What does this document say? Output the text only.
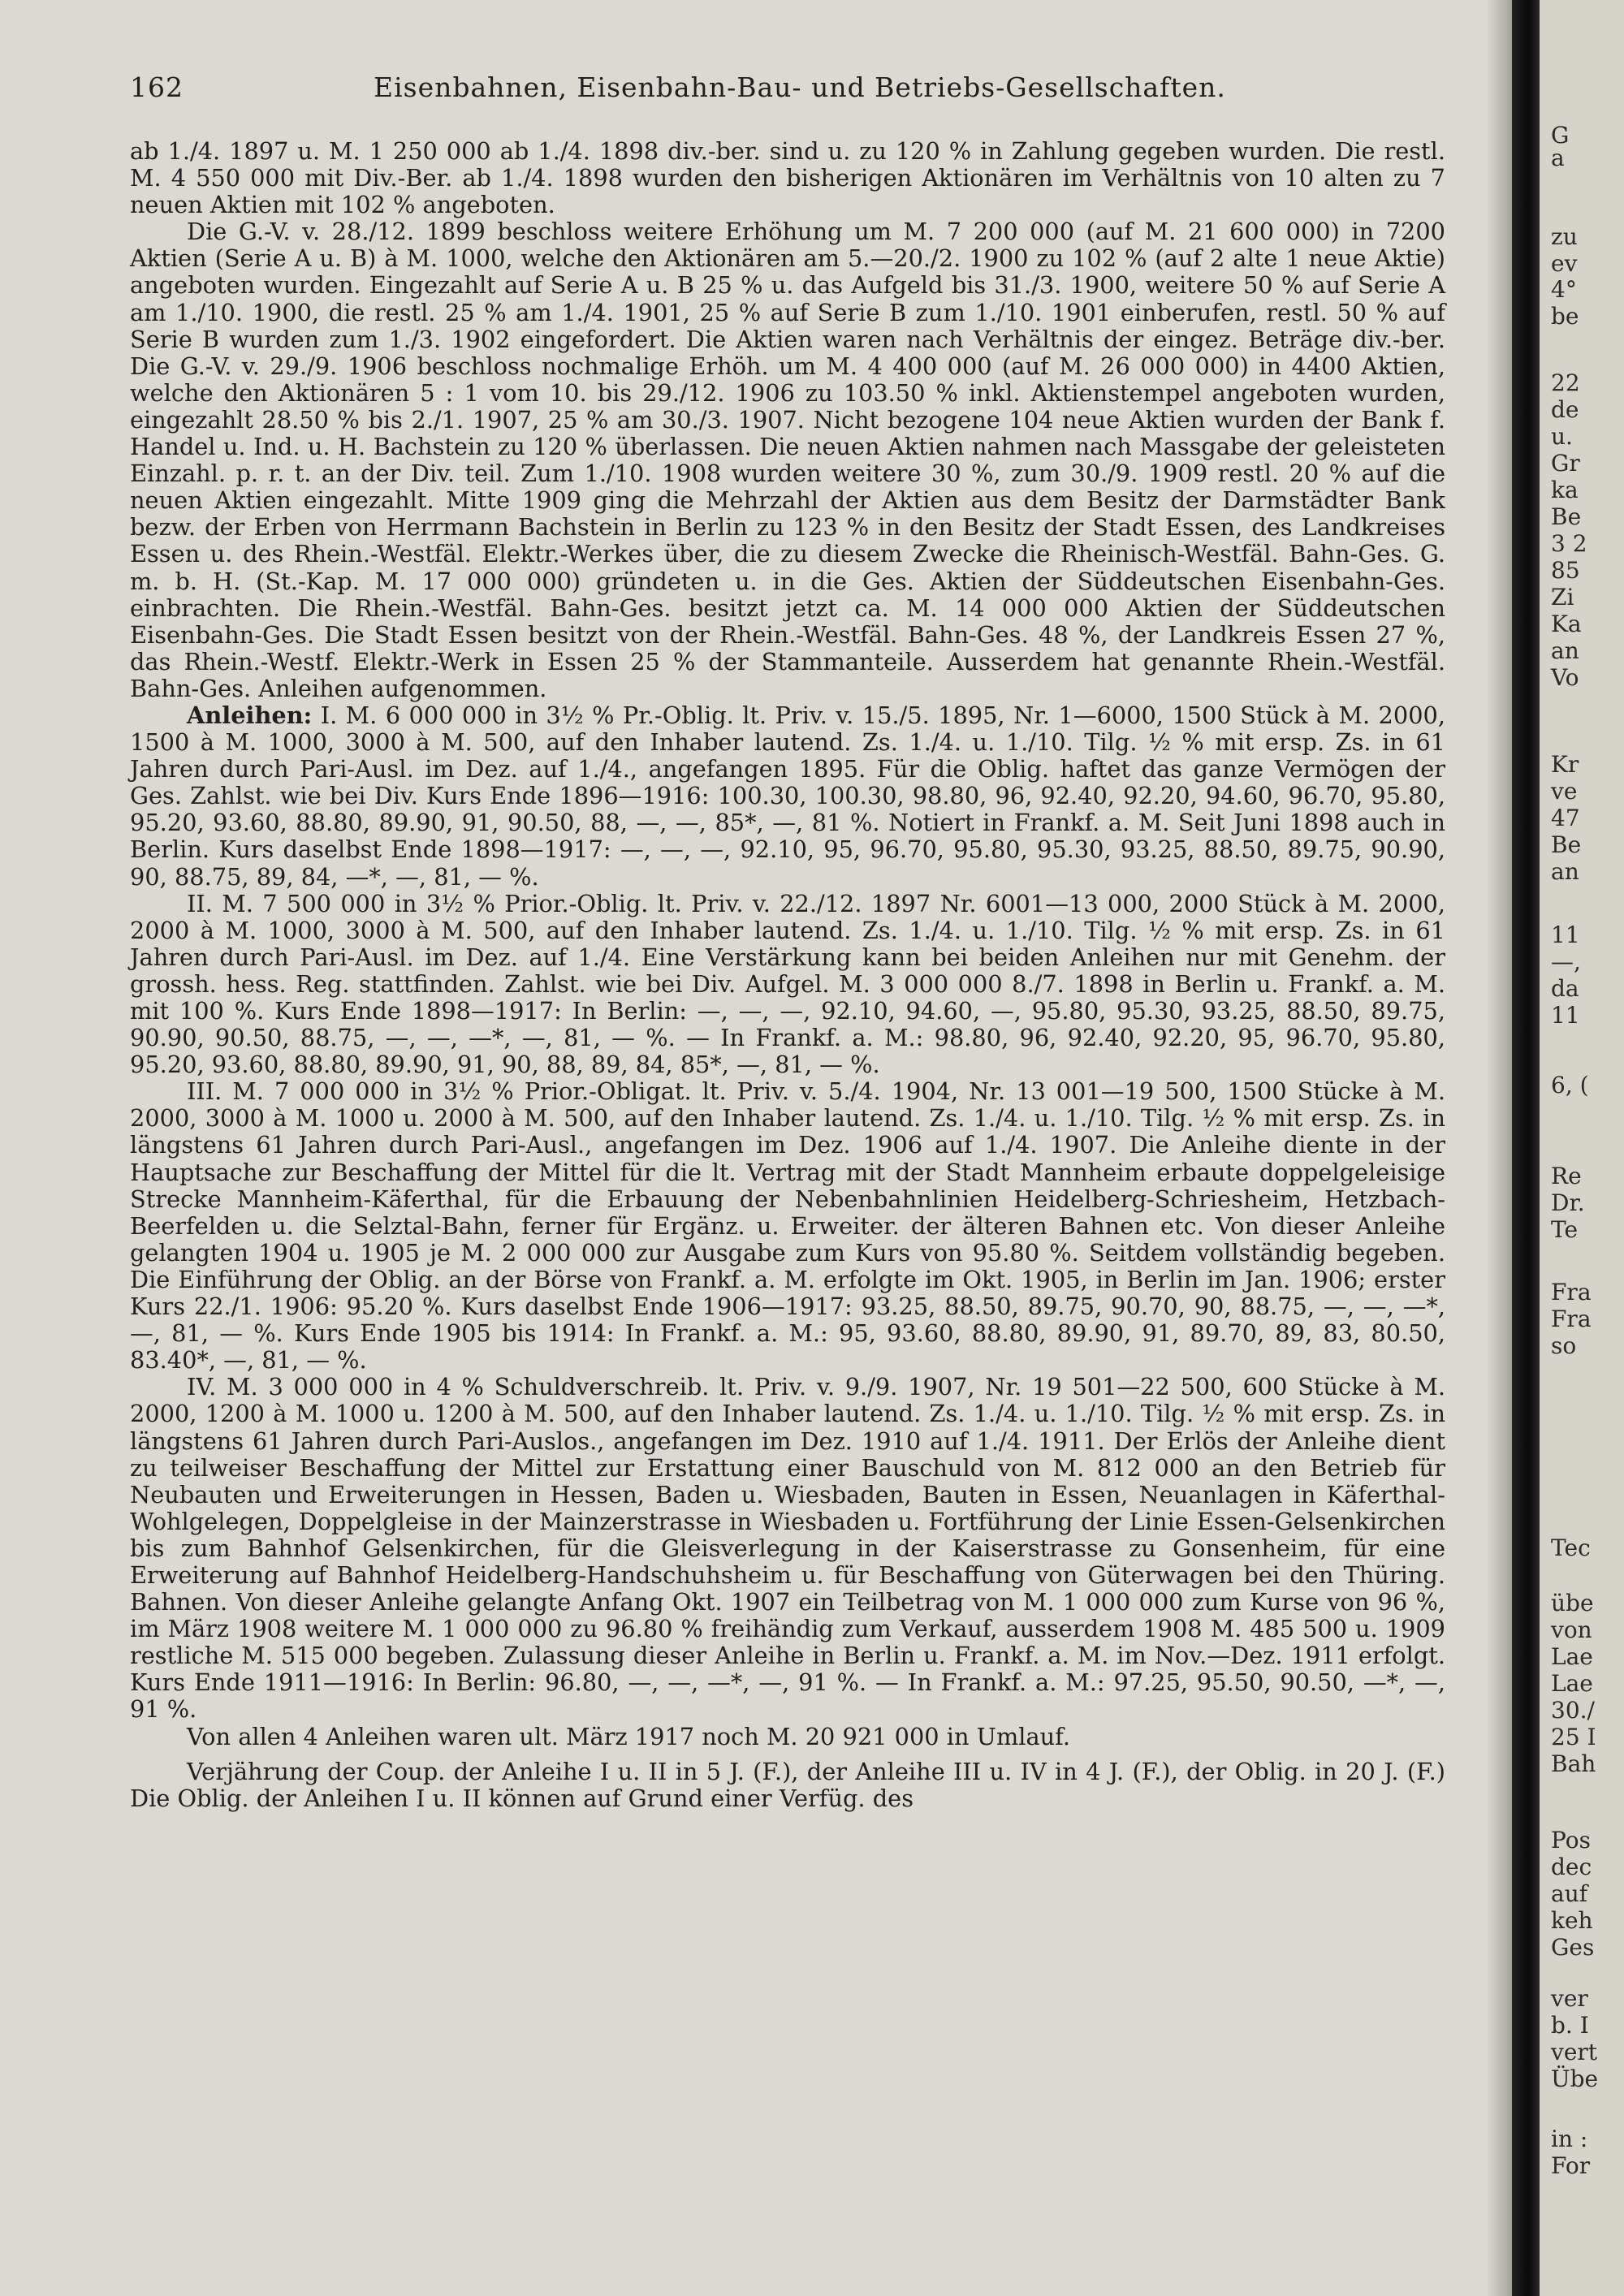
162	Eisenbahnen, Eisenbahn-Bau- und Betriebs-Gesellschaften.

ab 1./4. 1897 u. M. 1 250 000 ab 1./4. 1898 div.-ber. sind u. zu 120 % in Zahlung gegeben wurden. Die restl. M. 4 550 000 mit Div.-Ber. ab 1./4. 1898 wurden den bisherigen Aktionären im Verhältnis von 10 alten zu 7 neuen Aktien mit 102 % angeboten.

Die G.-V. v. 28./12. 1899 beschloss weitere Erhöhung um M. 7 200 000 (auf M. 21 600 000) in 7200 Aktien (Serie A u. B) à M. 1000, welche den Aktionären am 5.—20./2. 1900 zu 102 % (auf 2 alte 1 neue Aktie) angeboten wurden. Eingezahlt auf Serie A u. B 25 % u. das Aufgeld bis 31./3. 1900, weitere 50 % auf Serie A am 1./10. 1900, die restl. 25 % am 1./4. 1901, 25 % auf Serie B zum 1./10. 1901 einberufen, restl. 50 % auf Serie B wurden zum 1./3. 1902 eingefordert. Die Aktien waren nach Verhältnis der eingez. Beträge div.-ber. Die G.-V. v. 29./9. 1906 beschloss nochmalige Erhöh. um M. 4 400 000 (auf M. 26 000 000) in 4400 Aktien, welche den Aktionären 5 : 1 vom 10. bis 29./12. 1906 zu 103.50 % inkl. Aktienstempel angeboten wurden, eingezahlt 28.50 % bis 2./1. 1907, 25 % am 30./3. 1907. Nicht bezogene 104 neue Aktien wurden der Bank f. Handel u. Ind. u. H. Bachstein zu 120 % überlassen. Die neuen Aktien nahmen nach Massgabe der geleisteten Einzahl. p. r. t. an der Div. teil. Zum 1./10. 1908 wurden weitere 30 %, zum 30./9. 1909 restl. 20 % auf die neuen Aktien eingezahlt. Mitte 1909 ging die Mehrzahl der Aktien aus dem Besitz der Darmstädter Bank bezw. der Erben von Herrmann Bachstein in Berlin zu 123 % in den Besitz der Stadt Essen, des Landkreises Essen u. des Rhein.-Westfäl. Elektr.-Werkes über, die zu diesem Zwecke die Rheinisch-Westfäl. Bahn-Ges. G. m. b. H. (St.-Kap. M. 17 000 000) gründeten u. in die Ges. Aktien der Süddeutschen Eisenbahn-Ges. einbrachten. Die Rhein.-Westfäl. Bahn-Ges. besitzt jetzt ca. M. 14 000 000 Aktien der Süddeutschen Eisenbahn-Ges. Die Stadt Essen besitzt von der Rhein.-Westfäl. Bahn-Ges. 48 %, der Landkreis Essen 27 %, das Rhein.-Westf. Elektr.-Werk in Essen 25 % der Stammanteile. Ausserdem hat genannte Rhein.-Westfäl. Bahn-Ges. Anleihen aufgenommen.

Anleihen: I. M. 6 000 000 in 3½ % Pr.-Oblig. lt. Priv. v. 15./5. 1895, Nr. 1—6000, 1500 Stück à M. 2000, 1500 à M. 1000, 3000 à M. 500, auf den Inhaber lautend. Zs. 1./4. u. 1./10. Tilg. ½ % mit ersp. Zs. in 61 Jahren durch Pari-Ausl. im Dez. auf 1./4., angefangen 1895. Für die Oblig. haftet das ganze Vermögen der Ges. Zahlst. wie bei Div. Kurs Ende 1896—1916: 100.30, 100.30, 98.80, 96, 92.40, 92.20, 94.60, 96.70, 95.80, 95.20, 93.60, 88.80, 89.90, 91, 90.50, 88, —, —, 85*, —, 81 %. Notiert in Frankf. a. M. Seit Juni 1898 auch in Berlin. Kurs daselbst Ende 1898—1917: —, —, —, 92.10, 95, 96.70, 95.80, 95.30, 93.25, 88.50, 89.75, 90.90, 90, 88.75, 89, 84, —*, —, 81, — %.

II. M. 7 500 000 in 3½ % Prior.-Oblig. lt. Priv. v. 22./12. 1897 Nr. 6001—13 000, 2000 Stück à M. 2000, 2000 à M. 1000, 3000 à M. 500, auf den Inhaber lautend. Zs. 1./4. u. 1./10. Tilg. ½ % mit ersp. Zs. in 61 Jahren durch Pari-Ausl. im Dez. auf 1./4. Eine Verstärkung kann bei beiden Anleihen nur mit Genehm. der grossh. hess. Reg. stattfinden. Zahlst. wie bei Div. Aufgel. M. 3 000 000 8./7. 1898 in Berlin u. Frankf. a. M. mit 100 %. Kurs Ende 1898—1917: In Berlin: —, —, —, 92.10, 94.60, —, 95.80, 95.30, 93.25, 88.50, 89.75, 90.90, 90.50, 88.75, —, —, —*, —, 81, — %. — In Frankf. a. M.: 98.80, 96, 92.40, 92.20, 95, 96.70, 95.80, 95.20, 93.60, 88.80, 89.90, 91, 90, 88, 89, 84, 85*, —, 81, — %.

III. M. 7 000 000 in 3½ % Prior.-Obligat. lt. Priv. v. 5./4. 1904, Nr. 13 001—19 500, 1500 Stücke à M. 2000, 3000 à M. 1000 u. 2000 à M. 500, auf den Inhaber lautend. Zs. 1./4. u. 1./10. Tilg. ½ % mit ersp. Zs. in längstens 61 Jahren durch Pari-Ausl., angefangen im Dez. 1906 auf 1./4. 1907. Die Anleihe diente in der Hauptsache zur Beschaffung der Mittel für die lt. Vertrag mit der Stadt Mannheim erbaute doppelgeleisige Strecke Mannheim-Käferthal, für die Erbauung der Nebenbahnlinien Heidelberg-Schriesheim, Hetzbach-Beerfelden u. die Selztal-Bahn, ferner für Ergänz. u. Erweiter. der älteren Bahnen etc. Von dieser Anleihe gelangten 1904 u. 1905 je M. 2 000 000 zur Ausgabe zum Kurs von 95.80 %. Seitdem vollständig begeben. Die Einführung der Oblig. an der Börse von Frankf. a. M. erfolgte im Okt. 1905, in Berlin im Jan. 1906; erster Kurs 22./1. 1906: 95.20 %. Kurs daselbst Ende 1906—1917: 93.25, 88.50, 89.75, 90.70, 90, 88.75, —, —, —*, —, 81, — %. Kurs Ende 1905 bis 1914: In Frankf. a. M.: 95, 93.60, 88.80, 89.90, 91, 89.70, 89, 83, 80.50, 83.40*, —, 81, — %.

IV. M. 3 000 000 in 4 % Schuldverschreib. lt. Priv. v. 9./9. 1907, Nr. 19 501—22 500, 600 Stücke à M. 2000, 1200 à M. 1000 u. 1200 à M. 500, auf den Inhaber lautend. Zs. 1./4. u. 1./10. Tilg. ½ % mit ersp. Zs. in längstens 61 Jahren durch Pari-Auslos., angefangen im Dez. 1910 auf 1./4. 1911. Der Erlös der Anleihe dient zu teilweiser Beschaffung der Mittel zur Erstattung einer Bauschuld von M. 812 000 an den Betrieb für Neubauten und Erweiterungen in Hessen, Baden u. Wiesbaden, Bauten in Essen, Neuanlagen in Käferthal-Wohlgelegen, Doppelgleise in der Mainzerstrasse in Wiesbaden u. Fortführung der Linie Essen-Gelsenkirchen bis zum Bahnhof Gelsenkirchen, für die Gleisverlegung in der Kaiserstrasse zu Gonsenheim, für eine Erweiterung auf Bahnhof Heidelberg-Handschuhsheim u. für Beschaffung von Güterwagen bei den Thüring. Bahnen. Von dieser Anleihe gelangte Anfang Okt. 1907 ein Teilbetrag von M. 1 000 000 zum Kurse von 96 %, im März 1908 weitere M. 1 000 000 zu 96.80 % freihändig zum Verkauf, ausserdem 1908 M. 485 500 u. 1909 restliche M. 515 000 begeben. Zulassung dieser Anleihe in Berlin u. Frankf. a. M. im Nov.—Dez. 1911 erfolgt. Kurs Ende 1911—1916: In Berlin: 96.80, —, —, —*, —, 91 %. — In Frankf. a. M.: 97.25, 95.50, 90.50, —*, —, 91 %.

Von allen 4 Anleihen waren ult. März 1917 noch M. 20 921 000 in Umlauf.

Verjährung der Coup. der Anleihe I u. II in 5 J. (F.), der Anleihe III u. IV in 4 J. (F.), der Oblig. in 20 J. (F.) Die Oblig. der Anleihen I u. II können auf Grund einer Verfüg. des

G
a
zu
ev
4°
be
22
de
u.
Gr
ka
Be
3 2
85
Zi
Ka
an
Vo
Kr
ve
47
Be
an
11
—,
da
11
6, (
Re
Dr.
Te
Fra
Fra
so
Tec
übe
von
Lae
Lae
30./
25 I
Bah
Pos
dec
auf
keh
Ges
ver
b. I
vert
Übe
in :
For
